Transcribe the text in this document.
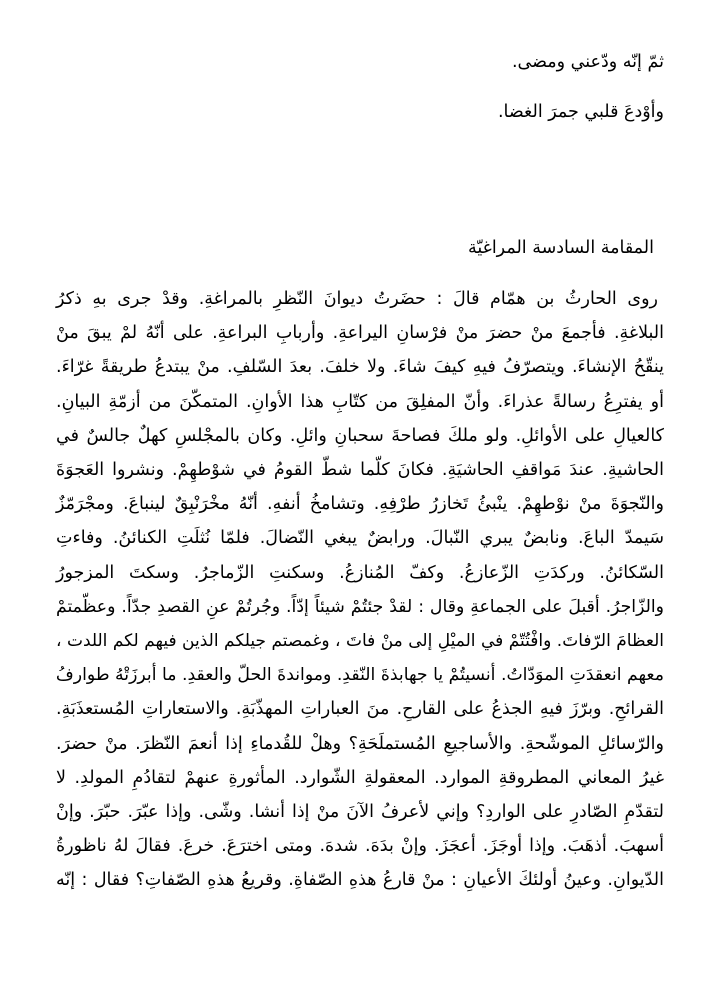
ثمّ إنّه ودّعني ومضى.

وأوْدعَ قلبي جمرَ الغضا.

المقامة السادسة المراغيّة

روى الحارثُ بن همّام قالَ : حضَرتُ ديوانَ النّظرِ بالمراغةِ. وقدْ جرى بهِ ذكرُ
البلاغةِ. فأجمعَ منْ حضرَ منْ فرْسانِ اليراعةِ. وأربابِ البراعةِ. على أنّهُ لمْ يبقَ منْ
ينقّحُ الإنشاءَ. ويتصرّفُ فيهِ كيفَ شاءَ. ولا خلفَ. بعدَ السّلفِ. منْ يبتدعُ طريقةً غرّاءَ.
أو يفترِعُ رسالةً عذراءَ. وأنّ المفلِقَ من كتّابِ هذا الأوانِ. المتمكّنَ من أزمّةِ البيانِ.
كالعيالِ على الأوائلِ. ولو ملكَ فصاحةَ سحبانِ وائلِ. وكان بالمجْلسِ كهلٌ جالسٌ في
الحاشيةِ. عندَ مَواقفِ الحاشيَةِ. فكانَ كلّما شطّ القومُ في شوْطهِمْ. ونشروا العَجوَةَ
والنّجوَةَ منْ نوْطهِمْ. ينْبئُ تَخازرُ طرْفِهِ. وتشامخُ أنفهِ. أنّهُ مخْرَنْبِقٌ لينباعَ. ومجْرَمّزٌ
سَيمدّ الباعَ. ونابضٌ يبري النّبالَ. ورابضٌ يبغي النّضالَ. فلمّا نُثلَتِ الكنائنُ. وفاءتِ
السّكائنُ. وركدَتِ الزّعازعُ. وكفّ المُنازعُ. وسكنتِ الزّماجرُ. وسكتَ المزجورُ
والزّاجرُ. أقبلَ على الجماعةِ وقال : لقدْ جئتُمْ شيئاً إدّاً. وجُرتُمْ عنِ القصدِ جدّاً. وعظّمتمْ
العظامَ الرّفاتَ. وافْتُتّمْ في الميْلِ إلى منْ فاتَ ، وغمصتم جيلكم الذين فيهم لكم اللدت ،
معهم انعقدَتِ الموَدّاتُ. أنسيتُمْ يا جهابذةَ النّقدِ. ومواندةَ الحلّ والعقدِ. ما أبرزَتْهُ طوارفُ
القرائحِ. وبرّزَ فيهِ الجذعُ على القارحِ. منَ العباراتِ المهذّبَةِ. والاستعاراتِ المُستعذَبَةِ.
والرّسائلِ الموشّحةِ. والأساجيعِ المُستملَحَةِ؟ وهلْ للقُدماءِ إذا أنعمَ النّظرَ. منْ حضرَ.
غيرُ المعاني المطروقةِ الموارد. المعقولةِ الشّوارد. المأثورةِ عنهمْ لتقادُمِ المولدِ. لا
لتقدّمِ الصّادرِ على الواردِ؟ وإني لأعرفُ الآنَ منْ إذا أنشا. وشّى. وإذا عبّرَ. حبّرَ. وإنْ
أسهبَ. أذهَبَ. وإذا أوجَزَ. أعجَزَ. وإنْ بدَهَ. شدهَ. ومتى اخترَعَ. خرعَ. فقالَ لهُ ناظورةُ
الدّيوانِ. وعينُ أولئكَ الأعيانِ : منْ قارعُ هذهِ الصّفاةِ. وقريعُ هذهِ الصّفاتِ؟ فقال : إنّه
